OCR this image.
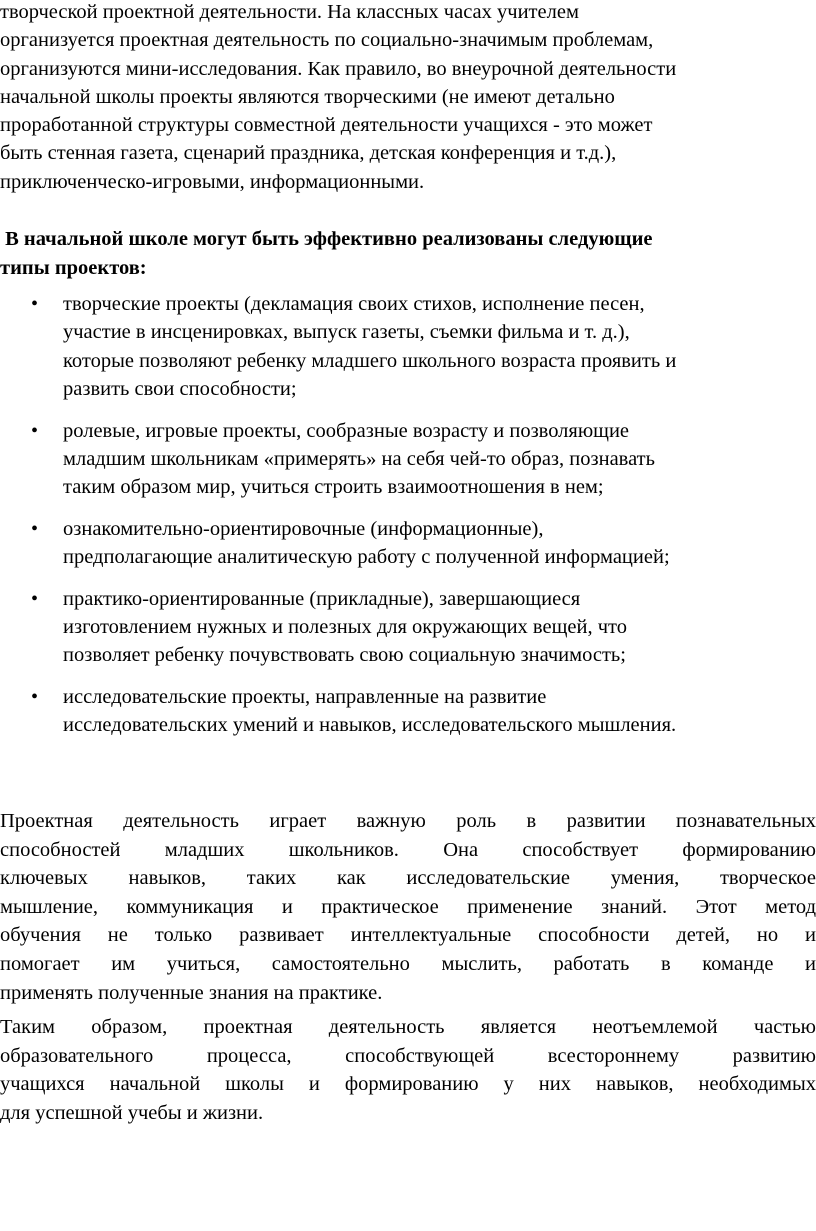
творческой проектной деятельности. На классных часах учителем
организуется проектная деятельность по социально-значимым проблемам,
организуются мини-исследования. Как правило, во внеурочной деятельности
начальной школы проекты являются творческими (не имеют детально
проработанной структуры совместной деятельности учащихся - это может
быть стенная газета, сценарий праздника, детская конференция и т.д.),
приключенческо-игровыми, информационными.

В начальной школе могут быть эффективно реализованы следующие
типы проектов:

• творческие проекты (декламация своих стихов, исполнение песен,
участие в инсценировках, выпуск газеты, съемки фильма и т. д.),
которые позволяют ребенку младшего школьного возраста проявить и
развить свои способности;
• ролевые, игровые проекты, сообразные возрасту и позволяющие
младшим школьникам «примерять» на себя чей-то образ, познавать
таким образом мир, учиться строить взаимоотношения в нем;
• ознакомительно-ориентировочные (информационные),
предполагающие аналитическую работу с полученной информацией;
• практико-ориентированные (прикладные), завершающиеся
изготовлением нужных и полезных для окружающих вещей, что
позволяет ребенку почувствовать свою социальную значимость;
• исследовательские проекты, направленные на развитие
исследовательских умений и навыков, исследовательского мышления.

Проектная деятельность играет важную роль в развитии познавательных
способностей младших школьников. Она способствует формированию
ключевых навыков, таких как исследовательские умения, творческое
мышление, коммуникация и практическое применение знаний. Этот метод
обучения не только развивает интеллектуальные способности детей, но и
помогает им учиться, самостоятельно мыслить, работать в команде и
применять полученные знания на практике.

Таким образом, проектная деятельность является неотъемлемой частью
образовательного процесса, способствующей всестороннему развитию
учащихся начальной школы и формированию у них навыков, необходимых
для успешной учебы и жизни.
